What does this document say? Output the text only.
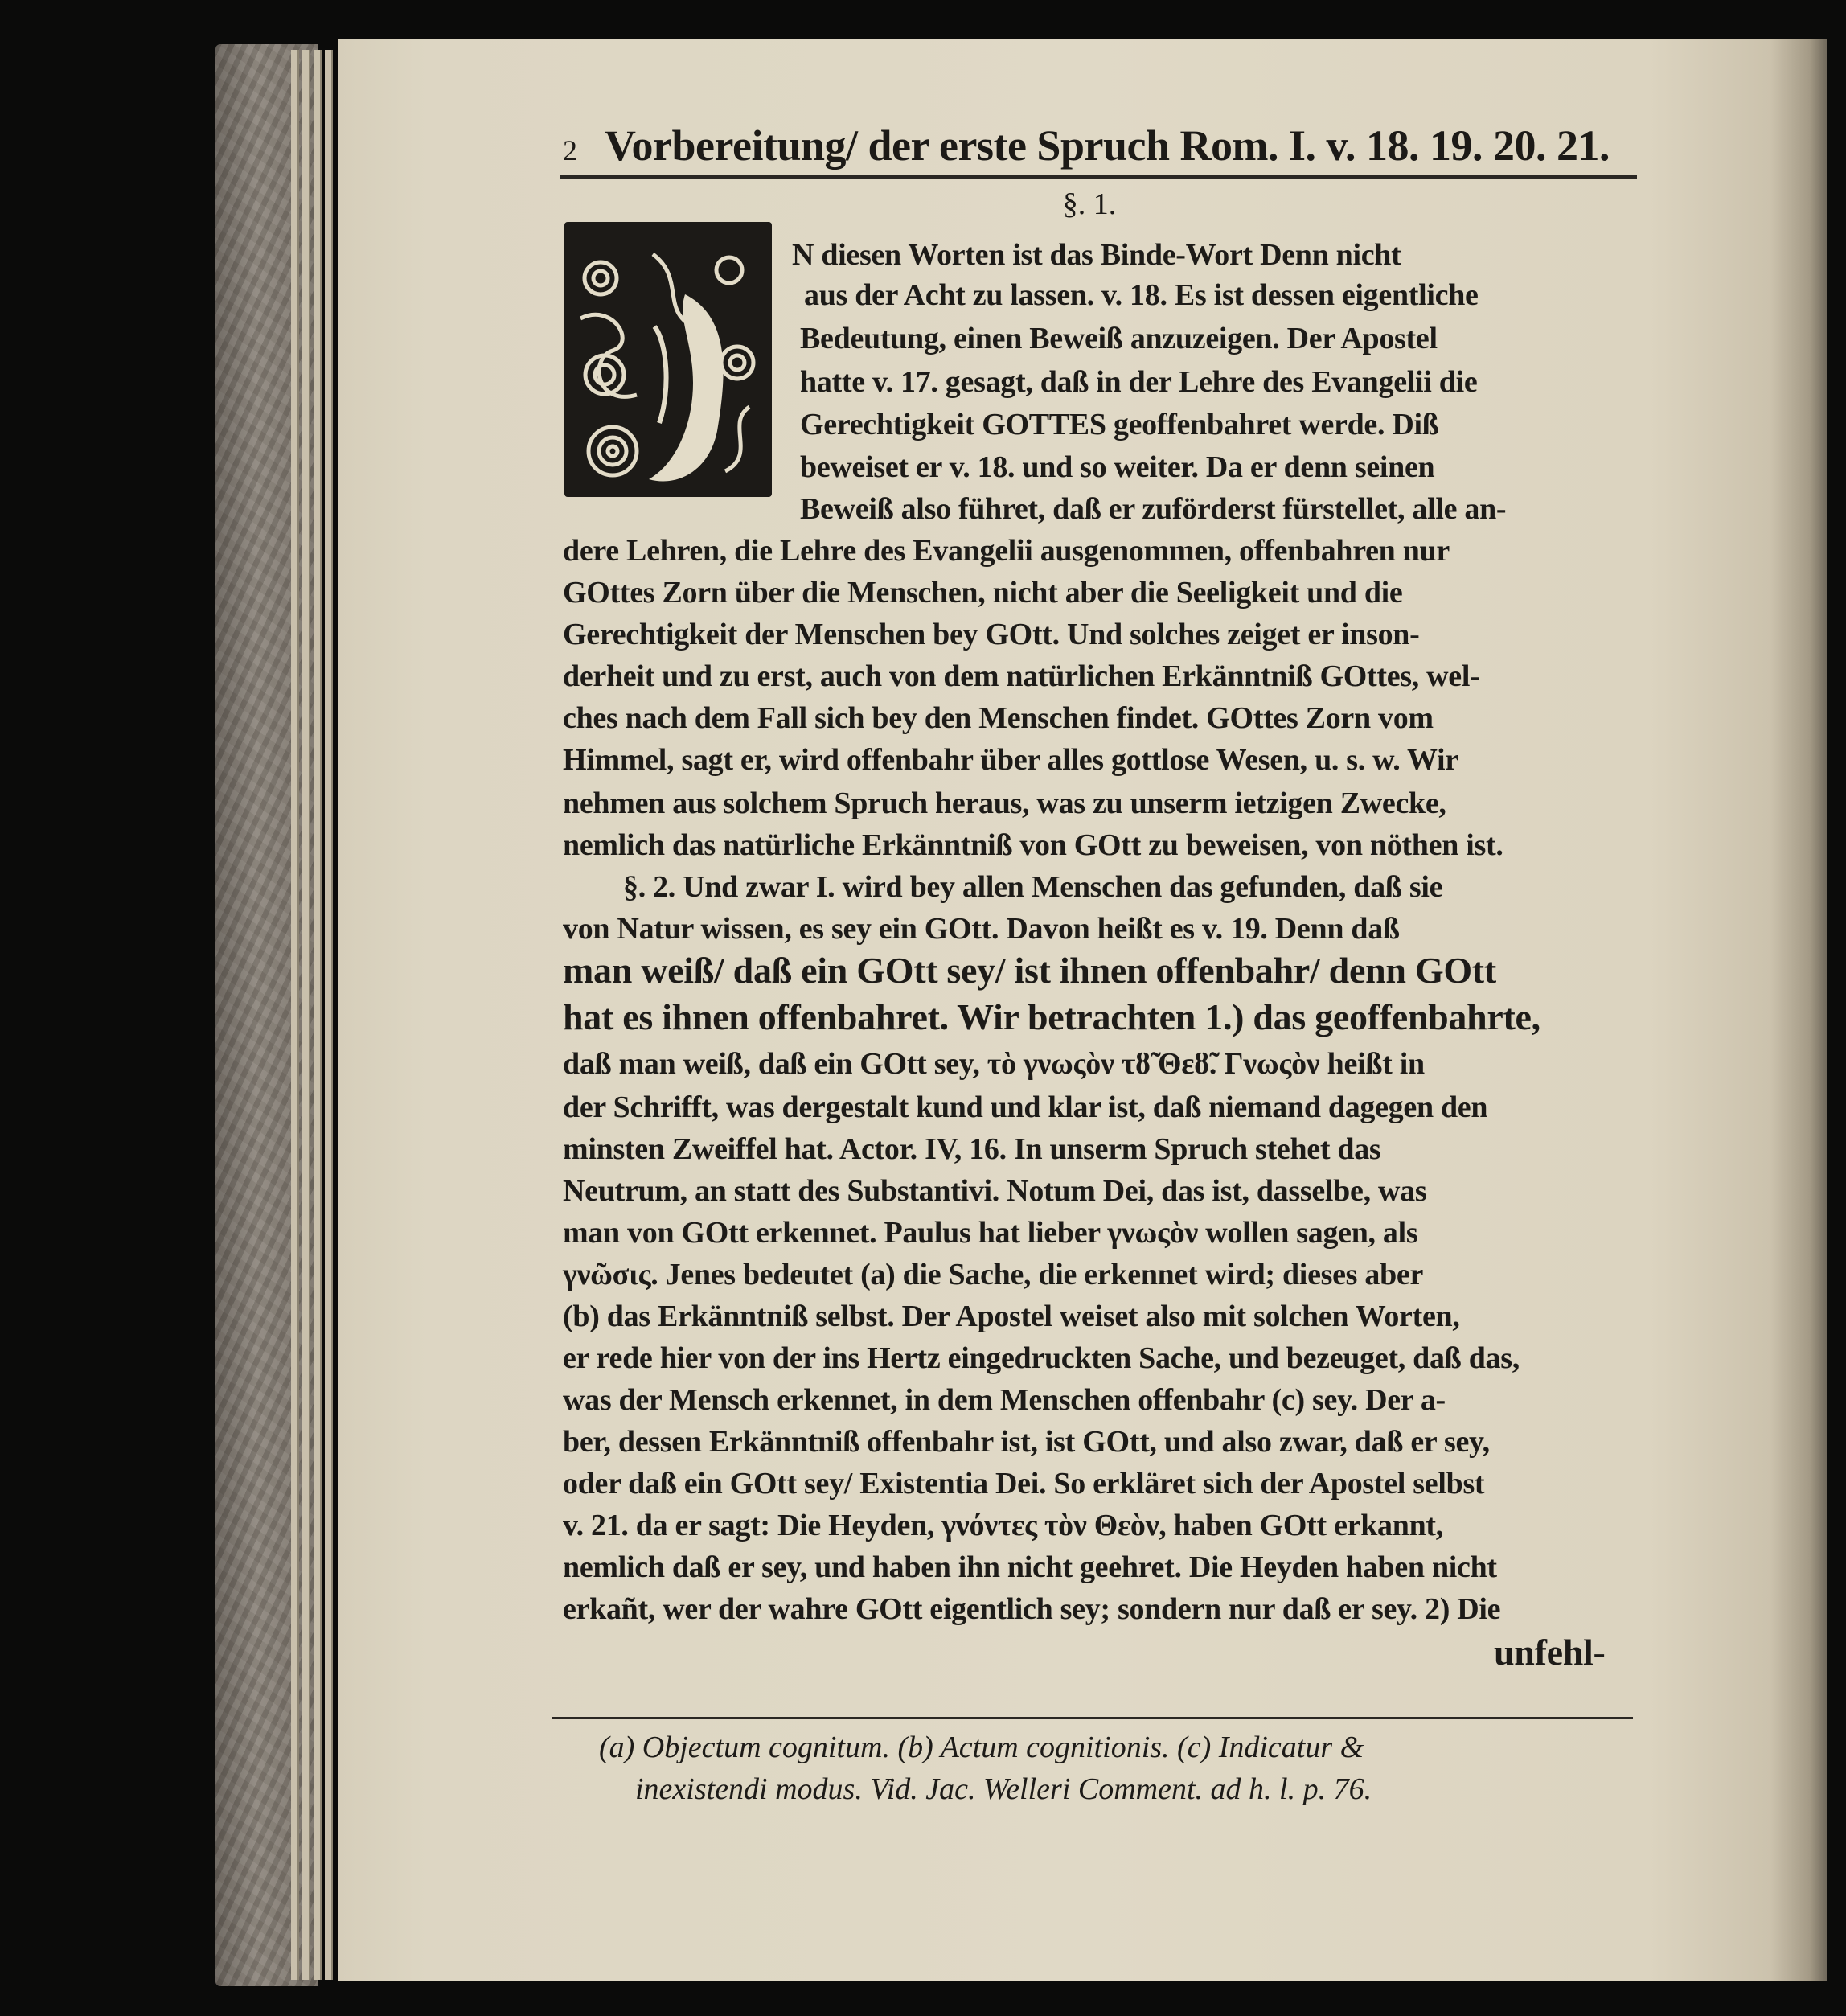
2 Vorbereitung/ der erste Spruch Rom. I. v. 18. 19. 20. 21.
§. 1.
N diesen Worten ist das Binde-Wort Denn nicht
aus der Acht zu lassen. v. 18. Es ist dessen eigentliche
Bedeutung, einen Beweiß anzuzeigen. Der Apostel
hatte v. 17. gesagt, daß in der Lehre des Evangelii die
Gerechtigkeit GOTTES geoffenbahret werde. Diß
beweiset er v. 18. und so weiter. Da er denn seinen
Beweiß also führet, daß er zuförderst fürstellet, alle an-
dere Lehren, die Lehre des Evangelii ausgenommen, offenbahren nur
GOttes Zorn über die Menschen, nicht aber die Seeligkeit und die
Gerechtigkeit der Menschen bey GOtt. Und solches zeiget er inson-
derheit und zu erst, auch von dem natürlichen Erkänntniß GOttes, wel-
ches nach dem Fall sich bey den Menschen findet. GOttes Zorn vom
Himmel, sagt er, wird offenbahr über alles gottlose Wesen, u. s. w. Wir
nehmen aus solchem Spruch heraus, was zu unserm ietzigen Zwecke,
nemlich das natürliche Erkänntniß von GOtt zu beweisen, von nöthen ist.
§. 2. Und zwar I. wird bey allen Menschen das gefunden, daß sie
von Natur wissen, es sey ein GOtt. Davon heißt es v. 19. Denn daß
man weiß/ daß ein GOtt sey/ ist ihnen offenbahr/ denn GOtt
hat es ihnen offenbahret. Wir betrachten 1.) das geoffenbahrte,
daß man weiß, daß ein GOtt sey, τὸ γνωςὸν τȣ̃ Θεȣ̃. Γνωςὸν heißt in
der Schrifft, was dergestalt kund und klar ist, daß niemand dagegen den
minsten Zweiffel hat. Actor. IV, 16. In unserm Spruch stehet das
Neutrum, an statt des Substantivi. Notum Dei, das ist, dasselbe, was
man von GOtt erkennet. Paulus hat lieber γνωςὸν wollen sagen, als
γνῶσις. Jenes bedeutet (a) die Sache, die erkennet wird; dieses aber
(b) das Erkänntniß selbst. Der Apostel weiset also mit solchen Worten,
er rede hier von der ins Hertz eingedruckten Sache, und bezeuget, daß das,
was der Mensch erkennet, in dem Menschen offenbahr (c) sey. Der a-
ber, dessen Erkänntniß offenbahr ist, ist GOtt, und also zwar, daß er sey,
oder daß ein GOtt sey/ Existentia Dei. So erkläret sich der Apostel selbst
v. 21. da er sagt: Die Heyden, γνόντες τὸν Θεὸν, haben GOtt erkannt,
nemlich daß er sey, und haben ihn nicht geehret. Die Heyden haben nicht
erkañt, wer der wahre GOtt eigentlich sey; sondern nur daß er sey. 2) Die
unfehl-
(a) Objectum cognitum. (b) Actum cognitionis. (c) Indicatur &
inexistendi modus. Vid. Jac. Welleri Comment. ad h. l. p. 76.
